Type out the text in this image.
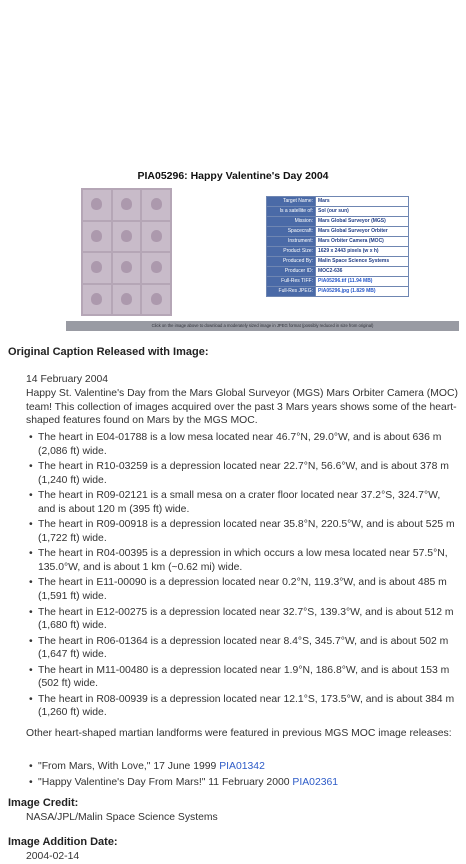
PIA05296: Happy Valentine's Day 2004
Target Name:	Mars
Is a satellite of:	Sol (our sun)
Mission:	Mars Global Surveyor (MGS)
Spacecraft:	Mars Global Surveyor Orbiter
Instrument:	Mars Orbiter Camera (MOC)
Product Size:	1629 x 2443 pixels (w x h)
Produced By:	Malin Space Science Systems
Producer ID:	MOC2-636
Full-Res TIFF:	PIA05296.tif (11.94 MB)
Full-Res JPEG:	PIA05296.jpg (1.829 MB)
Click on the image above to download a moderately sized image in JPEG format (possibly reduced in size from original)
Original Caption Released with Image:
14 February 2004
Happy St. Valentine's Day from the Mars Global Surveyor (MGS) Mars Orbiter Camera (MOC) team! This collection of images acquired over the past 3 Mars years shows some of the heart-shaped features found on Mars by the MGS MOC.
• The heart in E04-01788 is a low mesa located near 46.7°N, 29.0°W, and is about 636 m (2,086 ft) wide.
• The heart in R10-03259 is a depression located near 22.7°N, 56.6°W, and is about 378 m (1,240 ft) wide.
• The heart in R09-02121 is a small mesa on a crater floor located near 37.2°S, 324.7°W, and is about 120 m (395 ft) wide.
• The heart in R09-00918 is a depression located near 35.8°N, 220.5°W, and is about 525 m (1,722 ft) wide.
• The heart in R04-00395 is a depression in which occurs a low mesa located near 57.5°N, 135.0°W, and is about 1 km (~0.62 mi) wide.
• The heart in E11-00090 is a depression located near 0.2°N, 119.3°W, and is about 485 m (1,591 ft) wide.
• The heart in E12-00275 is a depression located near 32.7°S, 139.3°W, and is about 512 m (1,680 ft) wide.
• The heart in R06-01364 is a depression located near 8.4°S, 345.7°W, and is about 502 m (1,647 ft) wide.
• The heart in M11-00480 is a depression located near 1.9°N, 186.8°W, and is about 153 m (502 ft) wide.
• The heart in R08-00939 is a depression located near 12.1°S, 173.5°W, and is about 384 m (1,260 ft) wide.
Other heart-shaped martian landforms were featured in previous MGS MOC image releases:
• "From Mars, With Love," 17 June 1999 PIA01342
• "Happy Valentine's Day From Mars!" 11 February 2000 PIA02361
Image Credit:
NASA/JPL/Malin Space Science Systems
Image Addition Date:
2004-02-14
